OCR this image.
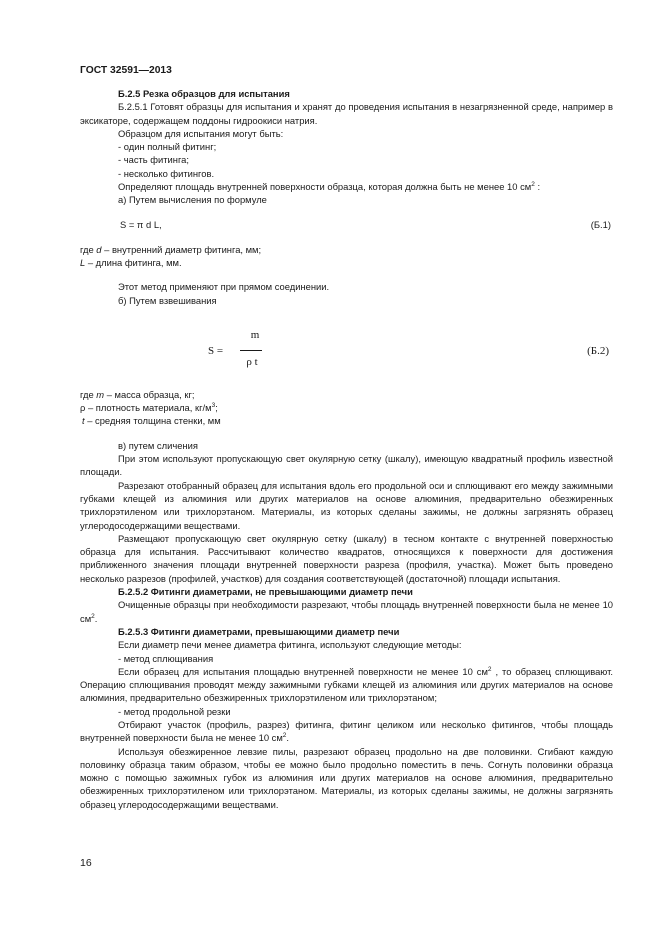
ГОСТ 32591—2013

Б.2.5 Резка образцов для испытания

Б.2.5.1 Готовят образцы для испытания и хранят до проведения испытания в незагрязненной среде, например в эксикаторе, содержащем поддоны гидроокиси натрия.

Образцом для испытания могут быть:

- один полный фитинг;

- часть фитинга;

- несколько фитингов.

Определяют площадь внутренней поверхности образца, которая должна быть не менее 10 $см^2$ :

а) Путем вычисления по формуле

S = π d L,	(Б.1)

где d – внутренний диаметр фитинга, мм;

L – длина фитинга, мм.

Этот метод применяют при прямом соединении.

б) Путем взвешивания

S =
m
ρ t
(Б.2)

где m – масса образца, кг;

ρ – плотность материала, $кг/м^3$;

t – средняя толщина стенки, мм

в) путем сличения

При этом используют пропускающую свет окулярную сетку (шкалу), имеющую квадратный профиль известной площади.

Разрезают отобранный образец для испытания вдоль его продольной оси и сплющивают его между зажимными губками клещей из алюминия или других материалов на основе алюминия, предварительно обезжиренных трихлорэтиленом или трихлорэтаном. Материалы, из которых сделаны зажимы, не должны загрязнять образец углеродосодержащими веществами.

Размещают пропускающую свет окулярную сетку (шкалу) в тесном контакте с внутренней поверхностью образца для испытания. Рассчитывают количество квадратов, относящихся к поверхности для достижения приближенного значения площади внутренней поверхности разреза (профиля, участка). Может быть проведено несколько разрезов (профилей, участков) для создания соответствующей (достаточной) площади испытания.

Б.2.5.2 Фитинги диаметрами, не превышающими диаметр печи

Очищенные образцы при необходимости разрезают, чтобы площадь внутренней поверхности была не менее 10 $см^2$.

Б.2.5.3 Фитинги диаметрами, превышающими диаметр печи

Если диаметр печи менее диаметра фитинга, используют следующие методы:

- метод сплющивания

Если образец для испытания площадью внутренней поверхности не менее 10 $см^2$ , то образец сплющивают. Операцию сплющивания проводят между зажимными губками клещей из алюминия или других материалов на основе алюминия, предварительно обезжиренных трихлорэтиленом или трихлорэтаном;

- метод продольной резки

Отбирают участок (профиль, разрез) фитинга, фитинг целиком или несколько фитингов, чтобы площадь внутренней поверхности была не менее 10 $см^2$.

Используя обезжиренное левзие пилы, разрезают образец продольно на две половинки. Сгибают каждую половинку образца таким образом, чтобы ее можно было продольно поместить в печь. Согнуть половинки образца можно с помощью зажимных губок из алюминия или других материалов на основе алюминия, предварительно обезжиренных трихлорэтиленом или трихлорэтаном. Материалы, из которых сделаны зажимы, не должны загрязнять образец углеродосодержащими веществами.

16
